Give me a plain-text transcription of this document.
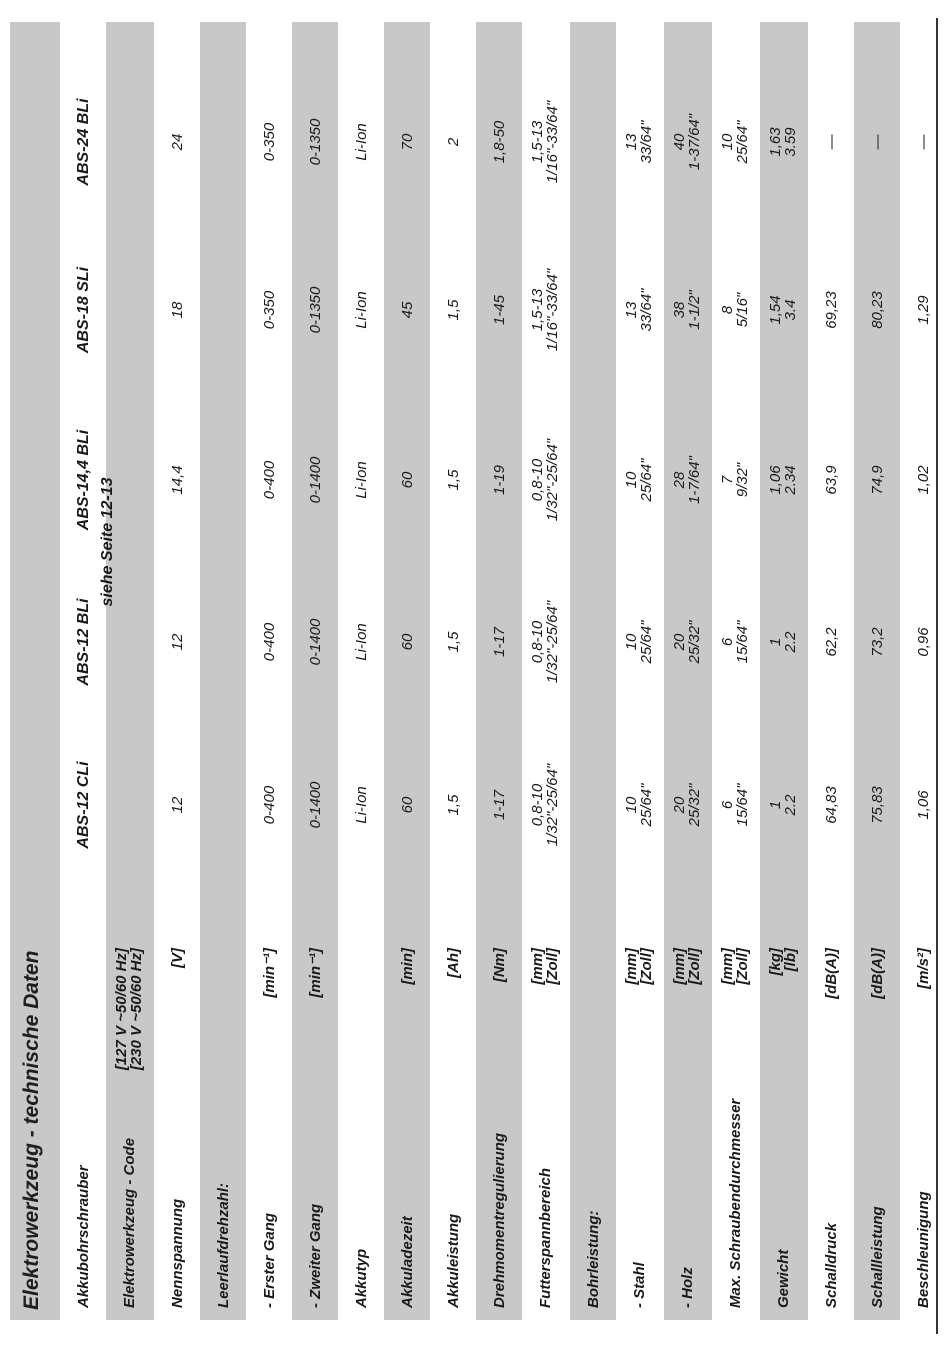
Elektrowerkzeug - technische Daten Akkubohrschrauber
ABS-12 CLi
ABS-12 BLi
ABS-14,4 BLi
ABS-18 SLi
ABS-24 BLi
Elektrowerkzeug - Code
[127 V ~50/60 Hz]
[230 V ~50/60 Hz]
siehe Seite 12-13
Nennspannung
[V]
12
12
14,4
18
24
Leerlaufdrehzahl: - Erster Gang
[min⁻¹]
0-400
0-400
0-400
0-350
0-350
- Zweiter Gang
[min⁻¹]
0-1400
0-1400
0-1400
0-1350
0-1350
Akkutyp
Li-Ion
Li-Ion
Li-Ion
Li-Ion
Li-Ion
Akkuladezeit
[min]
60
60
60
45
70
Akkuleistung
[Ah]
1,5
1,5
1,5
1,5
2
Drehmomentregulierung
[Nm]
1-17
1-17
1-19
1-45
1,8-50
Futterspannbereich
[mm]
[Zoll]
0,8-10
1/32"-25/64"
0,8-10
1/32"-25/64"
0,8-10
1/32"-25/64"
1,5-13
1/16"-33/64"
1,5-13
1/16"-33/64"
Bohrleistung: - Stahl
[mm]
[Zoll]
10
25/64"
10
25/64"
10
25/64"
13
33/64"
13
33/64"
- Holz
[mm]
[Zoll]
20
25/32"
20
25/32"
28
1-7/64"
38
1-1/2"
40
1-37/64"
Max. Schraubendurchmesser
[mm]
[Zoll]
6
15/64"
6
15/64"
7
9/32"
8
5/16"
10
25/64"
Gewicht
[kg]
[lb]
1
2.2
1
2.2
1,06
2.34
1,54
3.4
1,63
3.59
Schalldruck
[dB(A)]
64,83
62,2
63,9
69,23
—
Schallleistung
[dB(A)]
75,83
73,2
74,9
80,23
—
Beschleunigung
[m/s²]
1,06
0,96
1,02
1,29
—
